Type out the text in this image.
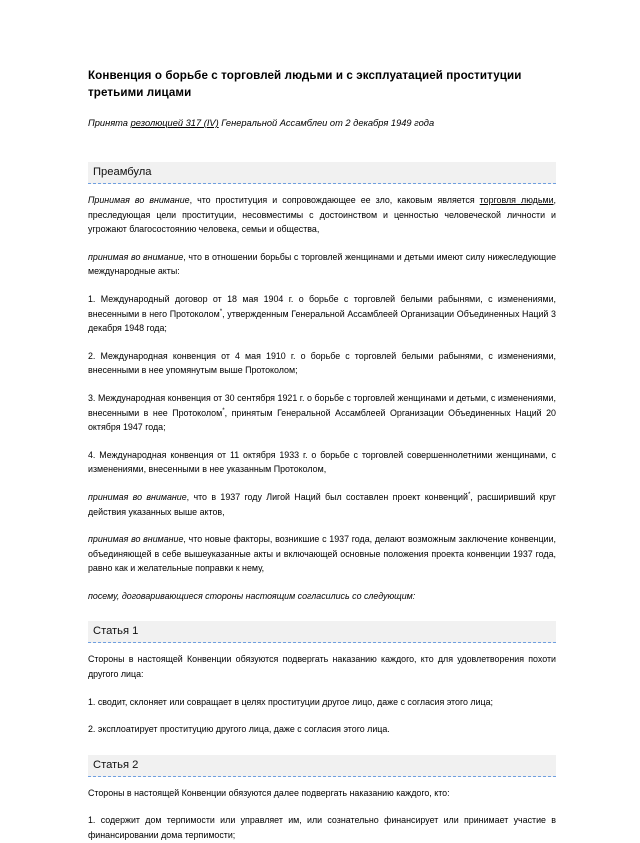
Конвенция о борьбе с торговлей людьми и с эксплуатацией проституции третьими лицами

Принята резолюцией 317 (IV) Генеральной Ассамблеи от 2 декабря 1949 года

Преамбула

Принимая во внимание, что проституция и сопровождающее ее зло, каковым является торговля людьми, преследующая цели проституции, несовместимы с достоинством и ценностью человеческой личности и угрожают благосостоянию человека, семьи и общества,

принимая во внимание, что в отношении борьбы с торговлей женщинами и детьми имеют силу нижеследующие международные акты:

1. Международный договор от 18 мая 1904 г. о борьбе с торговлей белыми рабынями, с изменениями, внесенными в него Протоколом*, утвержденным Генеральной Ассамблеей Организации Объединенных Наций 3 декабря 1948 года;

2. Международная конвенция от 4 мая 1910 г. о борьбе с торговлей белыми рабынями, с изменениями, внесенными в нее упомянутым выше Протоколом;

3. Международная конвенция от 30 сентября 1921 г. о борьбе с торговлей женщинами и детьми, с изменениями, внесенными в нее Протоколом*, принятым Генеральной Ассамблеей Организации Объединенных Наций 20 октября 1947 года;

4. Международная конвенция от 11 октября 1933 г. о борьбе с торговлей совершеннолетними женщинами, с изменениями, внесенными в нее указанным Протоколом,

принимая во внимание, что в 1937 году Лигой Наций был составлен проект конвенций*, расширивший круг действия указанных выше актов,

принимая во внимание, что новые факторы, возникшие с 1937 года, делают возможным заключение конвенции, объединяющей в себе вышеуказанные акты и включающей основные положения проекта конвенции 1937 года, равно как и желательные поправки к нему,

посему, договаривающиеся стороны настоящим согласились со следующим:

Статья 1

Стороны в настоящей Конвенции обязуются подвергать наказанию каждого, кто для удовлетворения похоти другого лица:

1. сводит, склоняет или совращает в целях проституции другое лицо, даже с согласия этого лица;

2. эксплоатирует проституцию другого лица, даже с согласия этого лица.

Статья 2

Стороны в настоящей Конвенции обязуются далее подвергать наказанию каждого, кто:

1. содержит дом терпимости или управляет им, или сознательно финансирует или принимает участие в финансировании дома терпимости;
